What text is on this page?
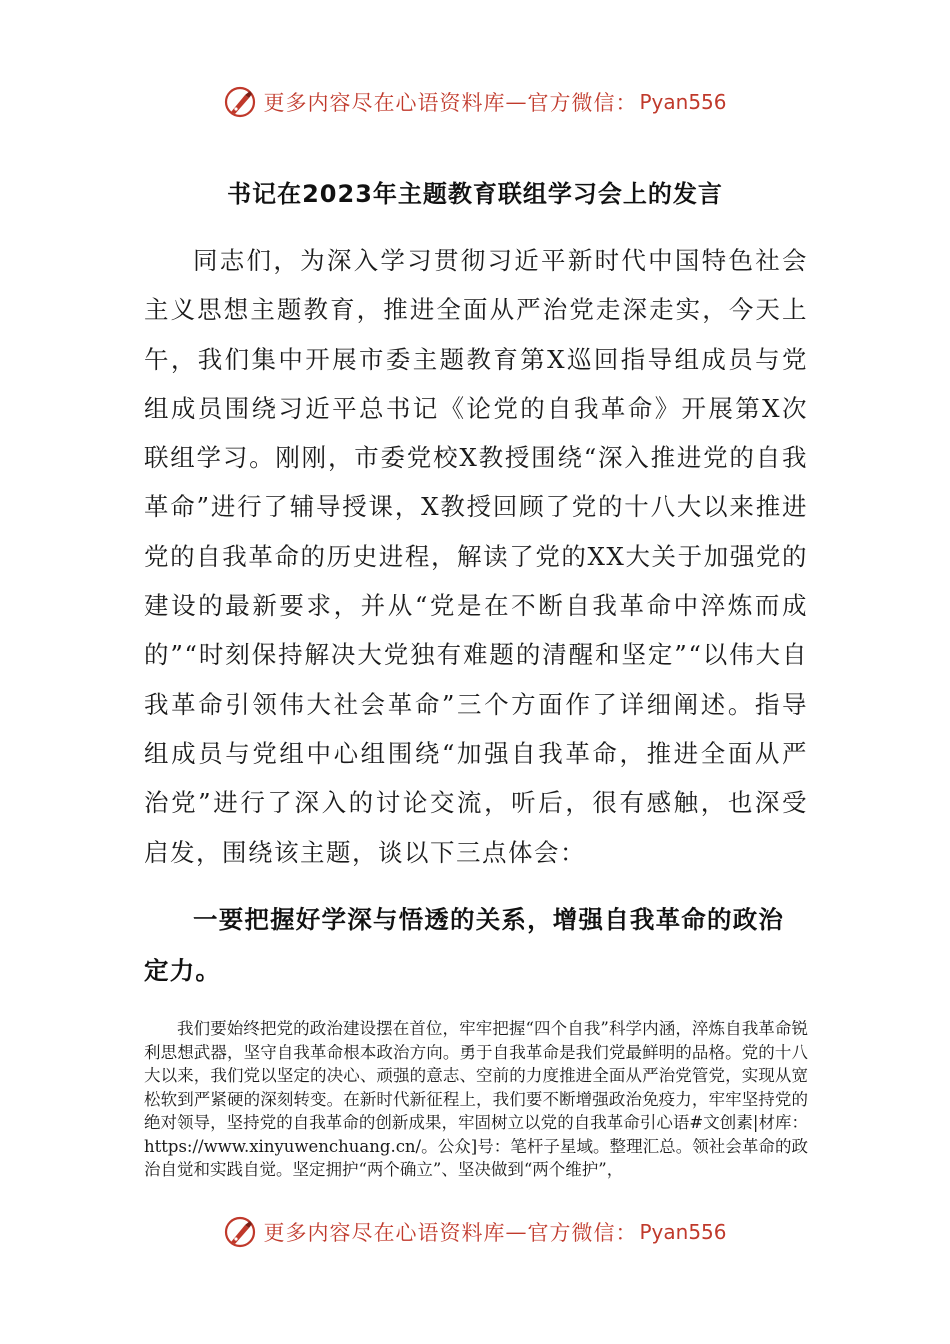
更多内容尽在心语资料库 — 官方微信： Pyan556
书记在2023年主题教育联组学习会上的发言

同志们，为深入学习贯彻习近平新时代中国特色社会主义思想主题教育，推进全面从严治党走深走实，今天上午，我们集中开展市委主题教育第X巡回指导组成员与党组成员围绕习近平总书记《论党的自我革命》开展第X次联组学习。刚刚，市委党校X教授围绕“深入推进党的自我革命”进行了辅导授课，X教授回顾了党的十八大以来推进党的自我革命的历史进程，解读了党的XX大关于加强党的建设的最新要求，并从“党是在不断自我革命中淬炼而成的”“时刻保持解决大党独有难题的清醒和坚定”“以伟大自我革命引领伟大社会革命”三个方面作了详细阐述。指导组成员与党组中心组围绕“加强自我革命，推进全面从严治党”进行了深入的讨论交流，听后，很有感触，也深受启发，围绕该主题，谈以下三点体会：

一要把握好学深与悟透的关系，增强自我革命的政治定力。

我们要始终把党的政治建设摆在首位，牢牢把握“四个自我”科学内涵，淬炼自我革命锐利思想武器，坚守自我革命根本政治方向。勇于自我革命是我们党最鲜明的品格。党的十八大以来，我们党以坚定的决心、顽强的意志、空前的力度推进全面从严治党管党，实现从宽松软到严紧硬的深刻转变。在新时代新征程上，我们要不断增强政治免疫力，牢牢坚持党的绝对领导，坚持党的自我革命的创新成果，牢固树立以党的自我革命引心语#文创素|材库：https://www.xinyuwenchuang.cn/。公众]号：笔杆子星域。整理汇总。领社会革命的政治自觉和实践自觉。坚定拥护“两个确立”、坚决做到“两个维护”，

更多内容尽在心语资料库 — 官方微信： Pyan556
